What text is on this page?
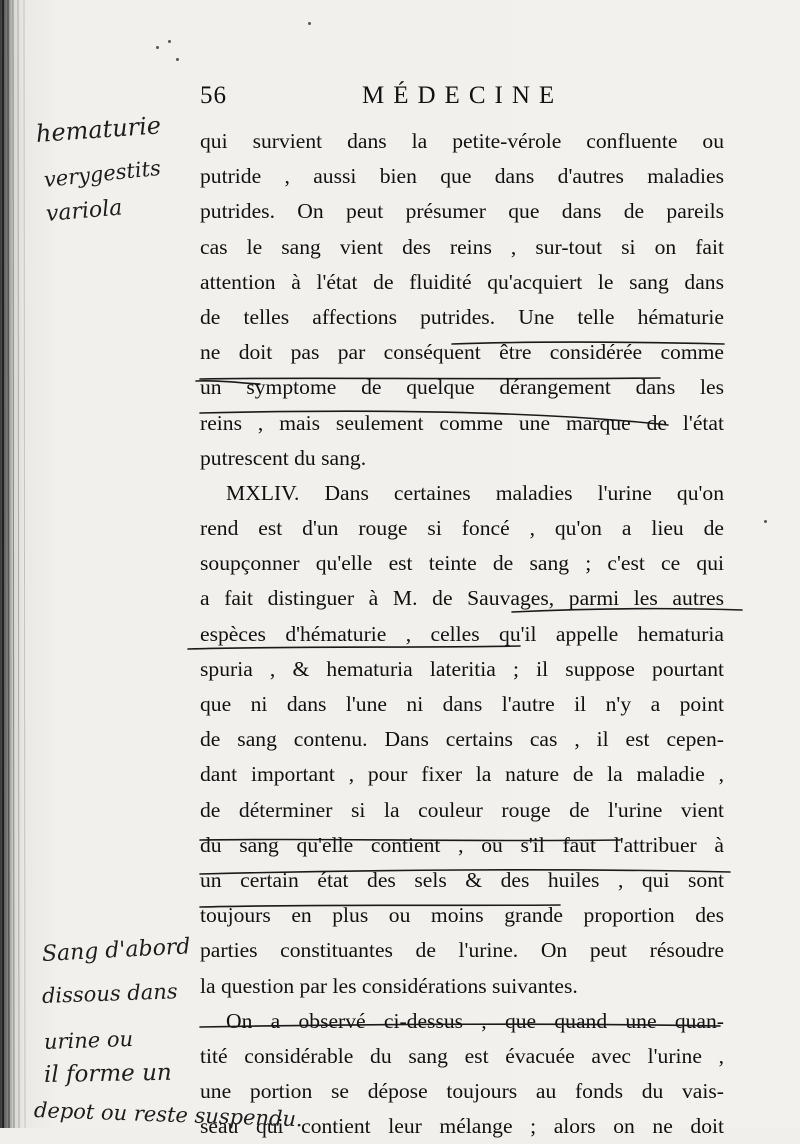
56	MÉDECINE
qui survient dans la petite-vérole confluente ou
putride , aussi bien que dans d'autres maladies
putrides. On peut présumer que dans de pareils
cas le sang vient des reins , sur-tout si on fait
attention à l'état de fluidité qu'acquiert le sang dans
de telles affections putrides. Une telle hématurie
ne doit pas par conséquent être considérée comme
un symptome de quelque dérangement dans les
reins , mais seulement comme une marque de l'état
putrescent du sang.
MXLIV. Dans certaines maladies l'urine qu'on
rend est d'un rouge si foncé , qu'on a lieu de
soupçonner qu'elle est teinte de sang ; c'est ce qui
a fait distinguer à M. de Sauvages, parmi les autres
espèces d'hématurie , celles qu'il appelle hematuria
spuria , & hematuria lateritia ; il suppose pourtant
que ni dans l'une ni dans l'autre il n'y a point
de sang contenu. Dans certains cas , il est cepen-
dant important , pour fixer la nature de la maladie ,
de déterminer si la couleur rouge de l'urine vient
du sang qu'elle contient , ou s'il faut l'attribuer à
un certain état des sels & des huiles , qui sont
toujours en plus ou moins grande proportion des
parties constituantes de l'urine. On peut résoudre
la question par les considérations suivantes.
On a observé ci-dessus , que quand une quan-
tité considérable du sang est évacuée avec l'urine ,
une portion se dépose toujours au fonds du vais-
seau qui contient leur mélange ; alors on ne doit
hematurie
verygestits
variola
Sang d'abord
dissous dans
urine ou
il forme un
depot ou reste suspendu.
